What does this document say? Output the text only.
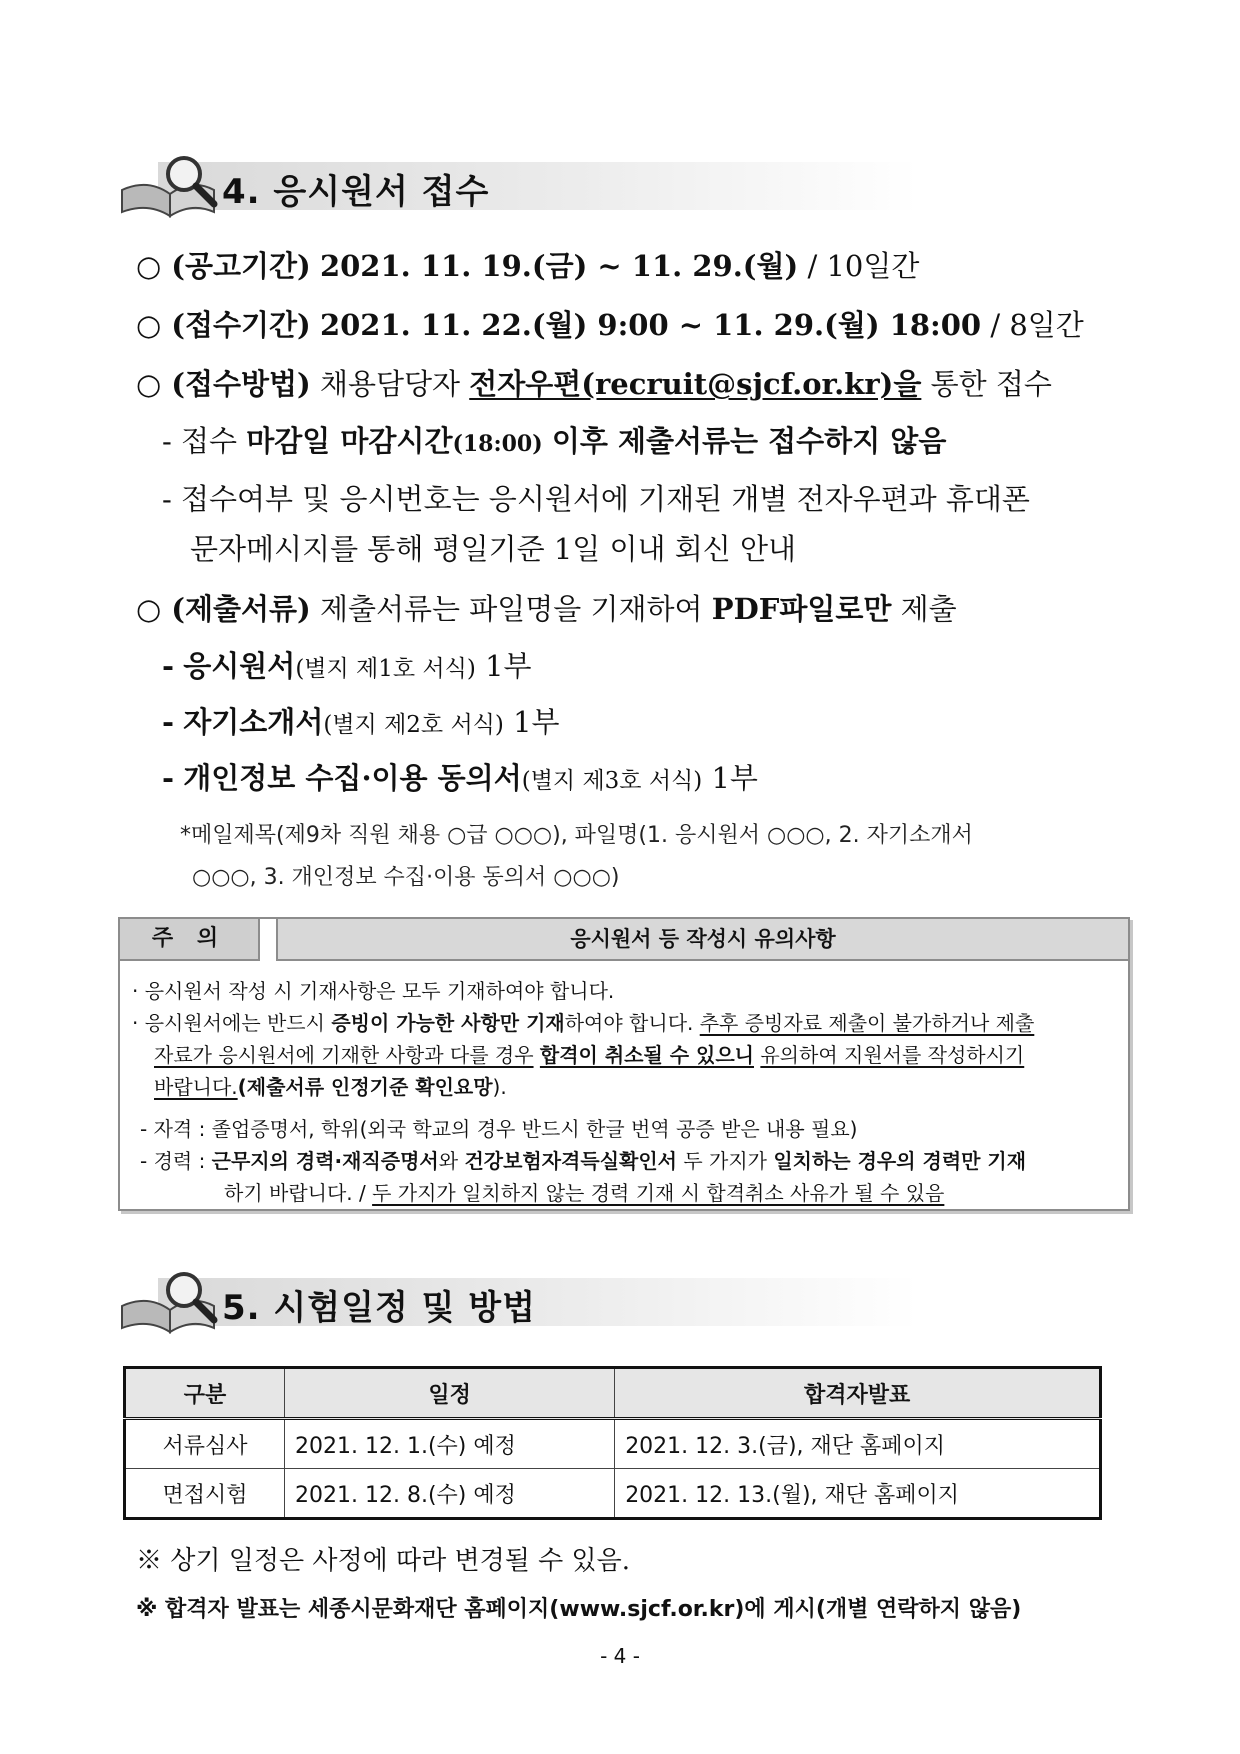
4. 응시원서 접수
○ (공고기간) 2021. 11. 19.(금) ~ 11. 29.(월) / 10일간
○ (접수기간) 2021. 11. 22.(월) 9:00 ~ 11. 29.(월) 18:00 / 8일간
○ (접수방법) 채용담당자 전자우편(recruit@sjcf.or.kr)을 통한 접수
- 접수 마감일 마감시간(18:00) 이후 제출서류는 접수하지 않음
- 접수여부 및 응시번호는 응시원서에 기재된 개별 전자우편과 휴대폰
문자메시지를 통해 평일기준 1일 이내 회신 안내
○ (제출서류) 제출서류는 파일명을 기재하여 PDF파일로만 제출
- 응시원서(별지 제1호 서식) 1부
- 자기소개서(별지 제2호 서식) 1부
- 개인정보 수집·이용 동의서(별지 제3호 서식) 1부
*메일제목(제9차 직원 채용 ○급 ○○○), 파일명(1. 응시원서 ○○○, 2. 자기소개서
○○○, 3. 개인정보 수집·이용 동의서 ○○○)
주 의	응시원서 등 작성시 유의사항
· 응시원서 작성 시 기재사항은 모두 기재하여야 합니다.
· 응시원서에는 반드시 증빙이 가능한 사항만 기재하여야 합니다. 추후 증빙자료 제출이 불가하거나 제출
자료가 응시원서에 기재한 사항과 다를 경우 합격이 취소될 수 있으니 유의하여 지원서를 작성하시기
바랍니다.(제출서류 인정기준 확인요망).
- 자격 : 졸업증명서, 학위(외국 학교의 경우 반드시 한글 번역 공증 받은 내용 필요)
- 경력 : 근무지의 경력·재직증명서와 건강보험자격득실확인서 두 가지가 일치하는 경우의 경력만 기재
하기 바랍니다. / 두 가지가 일치하지 않는 경력 기재 시 합격취소 사유가 될 수 있음
5. 시험일정 및 방법
구분	일정	합격자발표
서류심사	2021. 12. 1.(수) 예정	2021. 12. 3.(금), 재단 홈페이지
면접시험	2021. 12. 8.(수) 예정	2021. 12. 13.(월), 재단 홈페이지
※ 상기 일정은 사정에 따라 변경될 수 있음.
※ 합격자 발표는 세종시문화재단 홈페이지(www.sjcf.or.kr)에 게시(개별 연락하지 않음)
- 4 -
